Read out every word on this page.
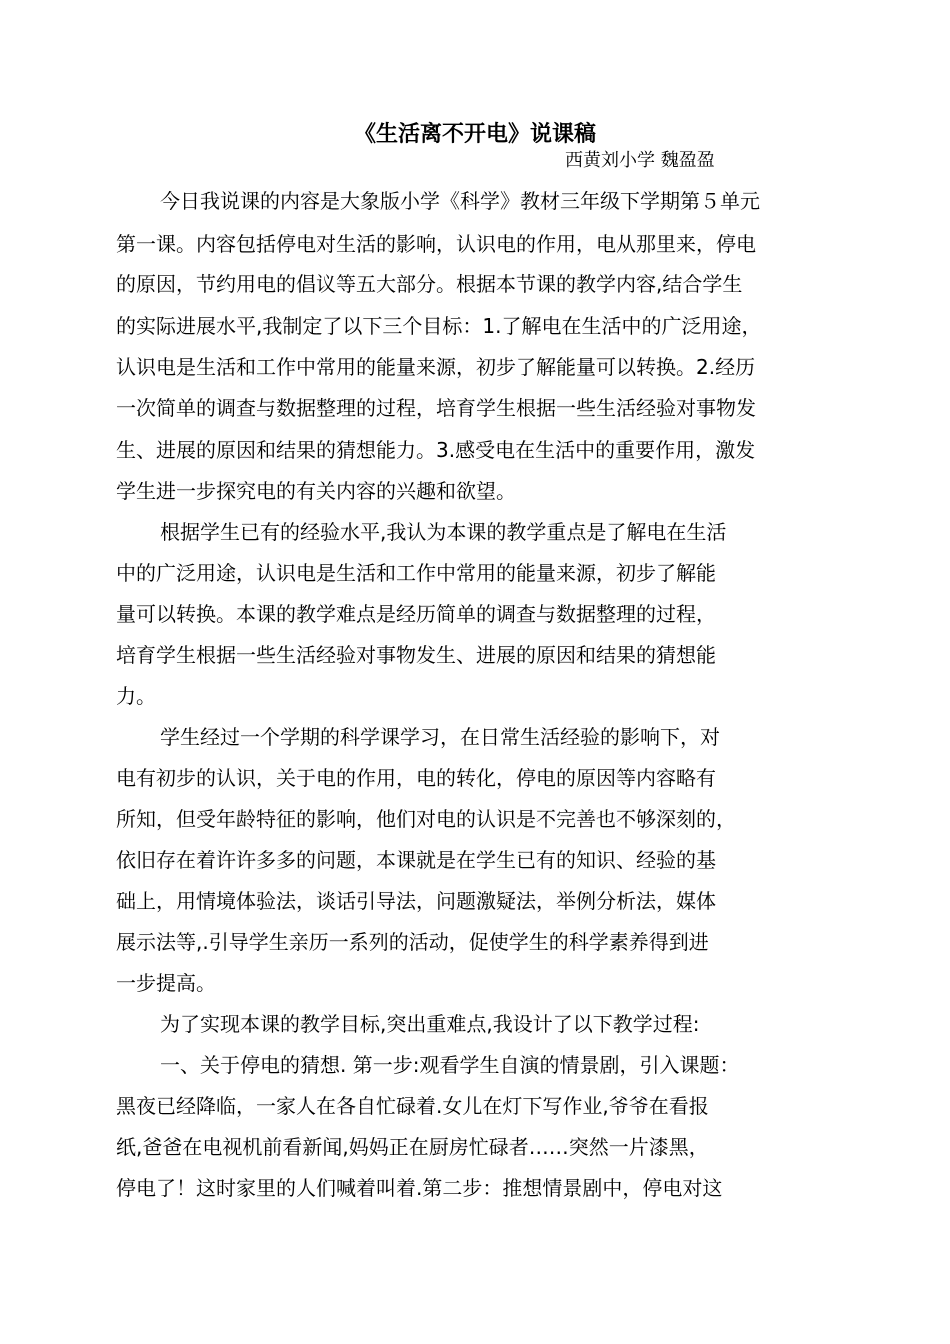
《生活离不开电》说课稿
西黄刘小学 魏盈盈
今日我说课的内容是大象版小学《科学》教材三年级下学期第５单元
第一课。内容包括停电对生活的影响，认识电的作用，电从那里来，停电
的原因，节约用电的倡议等五大部分。根据本节课的教学内容,结合学生
的实际进展水平,我制定了以下三个目标：1.了解电在生活中的广泛用途，
认识电是生活和工作中常用的能量来源，初步了解能量可以转换。2.经历
一次简单的调查与数据整理的过程，培育学生根据一些生活经验对事物发
生、进展的原因和结果的猜想能力。3.感受电在生活中的重要作用，激发
学生进一步探究电的有关内容的兴趣和欲望。
根据学生已有的经验水平,我认为本课的教学重点是了解电在生活
中的广泛用途，认识电是生活和工作中常用的能量来源，初步了解能
量可以转换。本课的教学难点是经历简单的调查与数据整理的过程，
培育学生根据一些生活经验对事物发生、进展的原因和结果的猜想能
力。
学生经过一个学期的科学课学习，在日常生活经验的影响下，对
电有初步的认识，关于电的作用，电的转化，停电的原因等内容略有
所知，但受年龄特征的影响，他们对电的认识是不完善也不够深刻的，
依旧存在着许许多多的问题，本课就是在学生已有的知识、经验的基
础上，用情境体验法，谈话引导法，问题激疑法，举例分析法，媒体
展示法等,.引导学生亲历一系列的活动，促使学生的科学素养得到进
一步提高。
为了实现本课的教学目标,突出重难点,我设计了以下教学过程:
一、关于停电的猜想. 第一步:观看学生自演的情景剧，引入课题：
黑夜已经降临，一家人在各自忙碌着.女儿在灯下写作业,爷爷在看报
纸,爸爸在电视机前看新闻,妈妈正在厨房忙碌者……突然一片漆黑，
停电了！这时家里的人们喊着叫着.第二步：推想情景剧中，停电对这
